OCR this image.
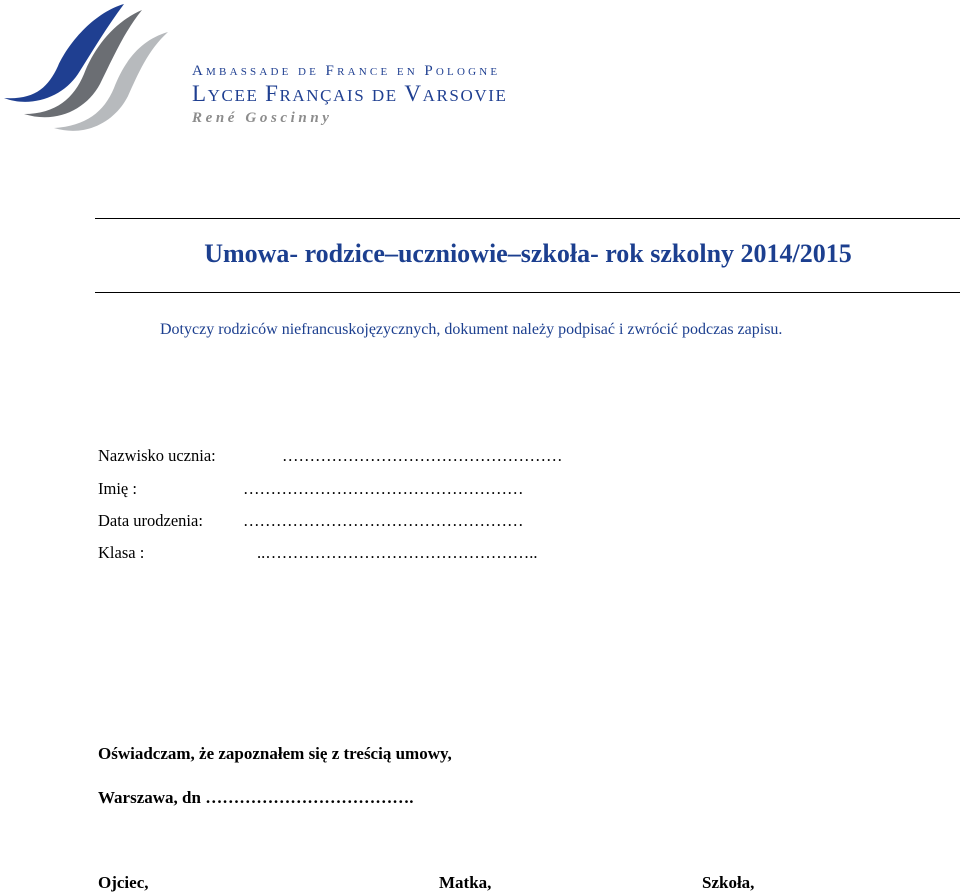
AMBASSADE DE FRANCE EN POLOGNE
LYCEE FRANÇAIS DE VARSOVIE
René Goscinny
Umowa- rodzice–uczniowie–szkoła- rok szkolny 2014/2015
Dotyczy rodziców niefrancuskojęzycznych, dokument należy podpisać i zwrócić podczas zapisu.
Nazwisko ucznia:	……………………………………………
Imię :	……………………………………………
Data urodzenia: ……………………………………………
Klasa :	..…………………………………………..
Oświadczam, że zapoznałem się z treścią umowy,
Warszawa, dn ……………………………….
Ojciec,	Matka,	Szkoła,
